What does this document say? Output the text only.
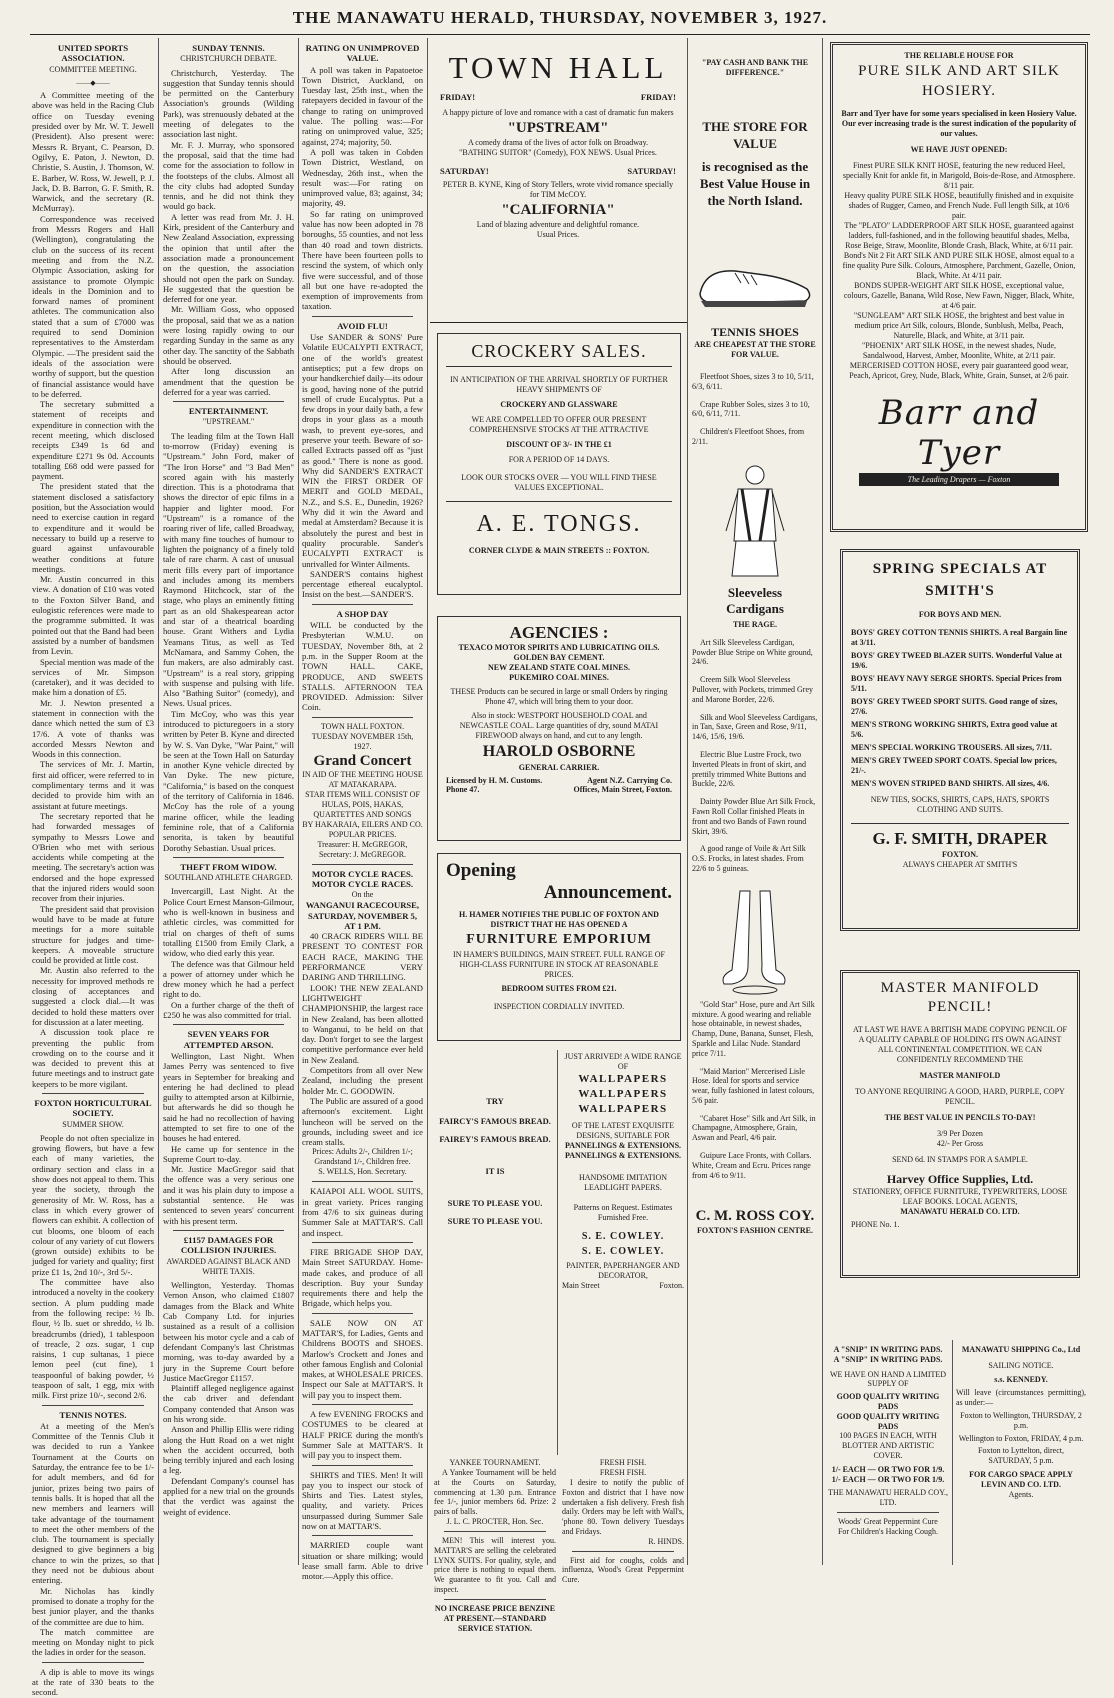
THE MANAWATU HERALD, THURSDAY, NOVEMBER 3, 1927.
UNITED SPORTS ASSOCIATION.
COMMITTEE MEETING.
——◆——

A Committee meeting of the above was held in the Racing Club office on Tuesday evening presided over by Mr. W. T. Jewell (President). Also present were: Messrs R. Bryant, C. Pearson, D. Ogilvy, E. Paton, J. Newton, D. Christie, S. Austin, J. Thomson, W. E. Barber, W. Ross, W. Jewell, P. J. Jack, D. B. Barron, G. F. Smith, R. Warwick, and the secretary (R. McMurray).

Correspondence was received from Messrs Rogers and Hall (Wellington), congratulating the club on the success of its recent meeting and from the N.Z. Olympic Association, asking for assistance to promote Olympic ideals in the Dominion and to forward names of prominent athletes. The communication also stated that a sum of £7000 was required to send Dominion representatives to the Amsterdam Olympic. —The president said the ideals of the association were worthy of support, but the question of financial assistance would have to be deferred.

The secretary submitted a statement of receipts and expenditure in connection with the recent meeting, which disclosed receipts £349 1s 6d and expenditure £271 9s 0d. Accounts totalling £68 odd were passed for payment.

The president stated that the statement disclosed a satisfactory position, but the Association would need to exercise caution in regard to expenditure and it would be necessary to build up a reserve to guard against unfavourable weather conditions at future meetings.

Mr. Austin concurred in this view. A donation of £10 was voted to the Foxton Silver Band, and eulogistic references were made to the programme submitted. It was pointed out that the Band had been assisted by a number of bandsmen from Levin.

Special mention was made of the services of Mr. Simpson (caretaker), and it was decided to make him a donation of £5.

Mr. J. Newton presented a statement in connection with the dance which netted the sum of £3 17/6. A vote of thanks was accorded Messrs Newton and Woods in this connection.

The services of Mr. J. Martin, first aid officer, were referred to in complimentary terms and it was decided to provide him with an assistant at future meetings.

The secretary reported that he had forwarded messages of sympathy to Messrs Lowe and O'Brien who met with serious accidents while competing at the meeting. The secretary's action was endorsed and the hope expressed that the injured riders would soon recover from their injuries.

The president said that provision would have to be made at future meetings for a more suitable structure for judges and time-keepers. A moveable structure could be provided at little cost.

Mr. Austin also referred to the necessity for improved methods re closing of acceptances and suggested a clock dial.—It was decided to hold these matters over for discussion at a later meeting.

A discussion took place re preventing the public from crowding on to the course and it was decided to prevent this at future meetings and to instruct gate keepers to be more vigilant.

FOXTON HORTICULTURAL SOCIETY.
SUMMER SHOW.

People do not often specialize in growing flowers, but have a few each of many varieties, the ordinary section and class in a show does not appeal to them. This year the society, through the generosity of Mr. W. Ross, has a class in which every grower of flowers can exhibit. A collection of cut blooms, one bloom of each colour of any variety of cut flowers (grown outside) exhibits to be judged for variety and quality; first prize £1 1s, 2nd 10/-, 3rd 5/-.

The committee have also introduced a novelty in the cookery section. A plum pudding made from the following recipe: ½ lb. flour, ½ lb. suet or shreddo, ½ lb. breadcrumbs (dried), 1 tablespoon of treacle, 2 ozs. sugar, 1 cup raisins, 1 cup sultanas, 1 piece lemon peel (cut fine), 1 teaspoonful of baking powder, ½ teaspoon of salt, 1 egg, mix with milk. First prize 10/-, second 2/6.

TENNIS NOTES.

At a meeting of the Men's Committee of the Tennis Club it was decided to run a Yankee Tournament at the Courts on Saturday, the entrance fee to be 1/- for adult members, and 6d for junior, prizes being two pairs of tennis balls. It is hoped that all the new members and learners will take advantage of the tournament to meet the other members of the club. The tournament is specially designed to give beginners a big chance to win the prizes, so that they need not be dubious about entering.

Mr. Nicholas has kindly promised to donate a trophy for the best junior player, and the thanks of the committee are due to him.

The match committee are meeting on Monday night to pick the ladies in order for the season.

A dip is able to move its wings at the rate of 330 beats to the second.

SUNDAY TENNIS.
CHRISTCHURCH DEBATE.

Christchurch, Yesterday. The suggestion that Sunday tennis should be permitted on the Canterbury Association's grounds (Wilding Park), was strenuously debated at the meeting of delegates to the association last night.

Mr. F. J. Murray, who sponsored the proposal, said that the time had come for the association to follow in the footsteps of the clubs. Almost all the city clubs had adopted Sunday tennis, and he did not think they would go back.

A letter was read from Mr. J. H. Kirk, president of the Canterbury and New Zealand Association, expressing the opinion that until after the association made a pronouncement on the question, the association should not open the park on Sunday. He suggested that the question be deferred for one year.

Mr. William Goss, who opposed the proposal, said that we as a nation were losing rapidly owing to our regarding Sunday in the same as any other day. The sanctity of the Sabbath should be observed.

After long discussion an amendment that the question be deferred for a year was carried.

ENTERTAINMENT.
"UPSTREAM."

The leading film at the Town Hall to-morrow (Friday) evening is "Upstream." John Ford, maker of "The Iron Horse" and "3 Bad Men" scored again with his masterly direction. This is a photodrama that shows the director of epic films in a happier and lighter mood. For "Upstream" is a romance of the roaring river of life, called Broadway, with many fine touches of humour to lighten the poignancy of a finely told tale of rare charm. A cast of unusual merit fills every part of importance and includes among its members Raymond Hitchcock, star of the stage, who plays an eminently fitting part as an old Shakespearean actor and star of a theatrical boarding house. Grant Withers and Lydia Yeamans Titus, as well as Ted McNamara, and Sammy Cohen, the fun makers, are also admirably cast. "Upstream" is a real story, gripping with suspense and pulsing with life. Also "Bathing Suitor" (comedy), and News. Usual prices.

Tim McCoy, who was this year introduced to picturegoers in a story written by Peter B. Kyne and directed by W. S. Van Dyke, "War Paint," will be seen at the Town Hall on Saturday in another Kyne vehicle directed by Van Dyke. The new picture, "California," is based on the conquest of the territory of California in 1846. McCoy has the role of a young marine officer, while the leading feminine role, that of a California senorita, is taken by beautiful Dorothy Sebastian. Usual prices.

THEFT FROM WIDOW.
SOUTHLAND ATHLETE CHARGED.

Invercargill, Last Night. At the Police Court Ernest Manson-Gilmour, who is well-known in business and athletic circles, was committed for trial on charges of theft of sums totalling £1500 from Emily Clark, a widow, who died early this year.

The defence was that Gilmour held a power of attorney under which he drew money which he had a perfect right to do.

On a further charge of the theft of £250 he was also committed for trial.

SEVEN YEARS FOR ATTEMPTED ARSON.

Wellington, Last Night. When James Perry was sentenced to five years in September for breaking and entering he had declined to plead guilty to attempted arson at Kilbirnie, but afterwards he did so though he said he had no recollection of having attempted to set fire to one of the houses he had entered.

He came up for sentence in the Supreme Court to-day.

Mr. Justice MacGregor said that the offence was a very serious one and it was his plain duty to impose a substantial sentence. He was sentenced to seven years' concurrent with his present term.

£1157 DAMAGES FOR COLLISION INJURIES.
AWARDED AGAINST BLACK AND WHITE TAXIS.

Wellington, Yesterday. Thomas Vernon Anson, who claimed £1807 damages from the Black and White Cab Company Ltd. for injuries sustained as a result of a collision between his motor cycle and a cab of defendant Company's last Christmas morning, was to-day awarded by a jury in the Supreme Court before Justice MacGregor £1157.

Plaintiff alleged negligence against the cab driver and defendant Company contended that Anson was on his wrong side.

Anson and Phillip Ellis were riding along the Hutt Road on a wet night when the accident occurred, both being terribly injured and each losing a leg.

Defendant Company's counsel has applied for a new trial on the grounds that the verdict was against the weight of evidence.

RATING ON UNIMPROVED VALUE.

A poll was taken in Papatoetoe Town District, Auckland, on Tuesday last, 25th inst., when the ratepayers decided in favour of the change to rating on unimproved value. The polling was:—For rating on unimproved value, 325; against, 274; majority, 50.

A poll was taken in Cobden Town District, Westland, on Wednesday, 26th inst., when the result was:—For rating on unimproved value, 83; against, 34; majority, 49.

So far rating on unimproved value has now been adopted in 78 boroughs, 55 counties, and not less than 40 road and town districts. There have been fourteen polls to rescind the system, of which only five were successful, and of those all but one have re-adopted the exemption of improvements from taxation.

AVOID FLU!

Use SANDER & SONS' Pure Volatile EUCALYPTI EXTRACT, one of the world's greatest antiseptics; put a few drops on your handkerchief daily—its odour is good, having none of the putrid smell of crude Eucalyptus. Put a few drops in your daily bath, a few drops in your glass as a mouth wash, to prevent eye-sores, and preserve your teeth. Beware of so-called Extracts passed off as "just as good." There is none as good. Why did SANDER'S EXTRACT WIN the FIRST ORDER OF MERIT and GOLD MEDAL, N.Z., and S.S. E., Dunedin, 1926? Why did it win the Award and medal at Amsterdam? Because it is absolutely the purest and best in quality procurable. Sander's EUCALYPTI EXTRACT is unrivalled for Winter Ailments.

SANDER'S contains highest percentage ethereal eucalyptol. Insist on the best.—SANDER'S.

A SHOP DAY

WILL be conducted by the Presbyterian W.M.U. on TUESDAY, November 8th, at 2 p.m. in the Supper Room at the TOWN HALL. CAKE, PRODUCE, AND SWEETS STALLS. AFTERNOON TEA PROVIDED. Admission: Silver Coin.

TOWN HALL FOXTON.
TUESDAY NOVEMBER 15th, 1927.
Grand Concert
IN AID OF THE MEETING HOUSE AT MATAKARAPA.
STAR ITEMS WILL CONSIST OF HULAS, POIS, HAKAS, QUARTETTES AND SONGS
BY HAKARAIA, EILERS AND CO.
POPULAR PRICES.
Treasurer: H. McGREGOR,
Secretary: J. McGREGOR.
MOTOR CYCLE RACES. MOTOR CYCLE RACES.
On the
WANGANUI RACECOURSE,
SATURDAY, NOVEMBER 5, AT 1 P.M.

40 CRACK RIDERS WILL BE PRESENT TO CONTEST FOR EACH RACE, MAKING THE PERFORMANCE VERY DARING AND THRILLING.

LOOK! THE NEW ZEALAND LIGHTWEIGHT CHAMPIONSHIP, the largest race in New Zealand, has been allotted to Wanganui, to be held on that day. Don't forget to see the largest competitive performance ever held in New Zealand.

Competitors from all over New Zealand, including the present holder Mr. C. GOODWIN.

The Public are assured of a good afternoon's excitement. Light luncheon will be served on the grounds, including sweet and ice cream stalls.

Prices: Adults 2/-, Children 1/-; Grandstand 1/-, Children free.
S. WELLS, Hon. Secretary.

KAIAPOI ALL WOOL SUITS, in great variety. Prices ranging from 47/6 to six guineas during Summer Sale at MATTAR'S. Call and inspect.

FIRE BRIGADE SHOP DAY, Main Street SATURDAY. Home-made cakes, and produce of all description. Buy your Sunday requirements there and help the Brigade, which helps you.

SALE NOW ON AT MATTAR'S, for Ladies, Gents and Childrens BOOTS and SHOES. Marlow's Crockett and Jones and other famous English and Colonial makes, at WHOLESALE PRICES. Inspect our Sale at MATTAR'S. It will pay you to inspect them.

A few EVENING FROCKS and COSTUMES to be cleared at HALF PRICE during the month's Summer Sale at MATTAR'S. It will pay you to inspect them.

SHIRTS and TIES. Men! It will pay you to inspect our stock of Shirts and Ties. Latest styles, quality, and variety. Prices unsurpassed during Summer Sale now on at MATTAR'S.

MARRIED couple want situation or share milking; would lease small farm. Able to drive motor.—Apply this office.

TOWN HALL
FRIDAY!	FRIDAY!
A happy picture of love and romance with a cast of dramatic fun makers
"UPSTREAM"
A comedy drama of the lives of actor folk on Broadway.
"BATHING SUITOR" (Comedy), FOX NEWS. Usual Prices.
SATURDAY!	SATURDAY!
PETER B. KYNE, King of Story Tellers, wrote vivid romance specially for TIM McCOY.
"CALIFORNIA"
Land of blazing adventure and delightful romance.
Usual Prices.
CROCKERY SALES.
IN ANTICIPATION OF THE ARRIVAL SHORTLY OF FURTHER HEAVY SHIPMENTS OF
CROCKERY AND GLASSWARE
WE ARE COMPELLED TO OFFER OUR PRESENT COMPREHENSIVE STOCKS AT THE ATTRACTIVE
DISCOUNT OF 3/- IN THE £1
FOR A PERIOD OF 14 DAYS.
LOOK OUR STOCKS OVER — YOU WILL FIND THESE VALUES EXCEPTIONAL.
A. E. TONGS.
CORNER CLYDE & MAIN STREETS :: FOXTON.
AGENCIES :
TEXACO MOTOR SPIRITS AND LUBRICATING OILS.
GOLDEN BAY CEMENT.
NEW ZEALAND STATE COAL MINES.
PUKEMIRO COAL MINES.
THESE Products can be secured in large or small Orders by ringing Phone 47, which will bring them to your door.
Also in stock: WESTPORT HOUSEHOLD COAL and NEWCASTLE COAL. Large quantities of dry, sound MATAI FIREWOOD always on hand, and cut to any length.
HAROLD OSBORNE
GENERAL CARRIER.
Licensed by H. M. Customs.	Agent N.Z. Carrying Co.
Phone 47.	Offices, Main Street, Foxton.
Opening
Announcement.
H. HAMER NOTIFIES THE PUBLIC OF FOXTON AND DISTRICT THAT HE HAS OPENED A
FURNITURE EMPORIUM
IN HAMER'S BUILDINGS, MAIN STREET. FULL RANGE OF HIGH-CLASS FURNITURE IN STOCK AT REASONABLE PRICES.
BEDROOM SUITES FROM £21.
INSPECTION CORDIALLY INVITED.
TRY
FAIRCY'S FAMOUS BREAD.
FAIREY'S FAMOUS BREAD.
IT IS
SURE TO PLEASE YOU.
SURE TO PLEASE YOU.
JUST ARRIVED! A WIDE RANGE OF
WALLPAPERS
WALLPAPERS
WALLPAPERS
OF THE LATEST EXQUISITE DESIGNS, SUITABLE FOR
PANNELINGS & EXTENSIONS.
PANNELINGS & EXTENSIONS.
HANDSOME IMITATION LEADLIGHT PAPERS.
Patterns on Request. Estimates Furnished Free.
S. E. COWLEY.
S. E. COWLEY.
PAINTER, PAPERHANGER AND DECORATOR,
Main Street	Foxton.
YANKEE TOURNAMENT.

A Yankee Tournament will be held at the Courts on Saturday, commencing at 1.30 p.m. Entrance fee 1/-, junior members 6d. Prize: 2 pairs of balls.

J. L. C. PROCTER, Hon. Sec.

MEN! This will interest you. MATTAR'S are selling the celebrated LYNX SUITS. For quality, style, and price there is nothing to equal them. We guarantee to fit you. Call and inspect.

NO INCREASE PRICE BENZINE AT PRESENT.—STANDARD SERVICE STATION.
FRESH FISH.
FRESH FISH.

I desire to notify the public of Foxton and district that I have now undertaken a fish delivery. Fresh fish daily. Orders may be left with Wall's, 'phone 80. Town delivery Tuesdays and Fridays.

R. HINDS.

First aid for coughs, colds and influenza, Wood's Great Peppermint Cure.

"PAY CASH AND BANK THE DIFFERENCE."
THE STORE FOR VALUE
is recognised as the Best Value House in the North Island.
TENNIS SHOES
ARE CHEAPEST AT THE STORE FOR VALUE.

Fleetfoot Shoes, sizes 3 to 10, 5/11, 6/3, 6/11.

Crape Rubber Soles, sizes 3 to 10, 6/0, 6/11, 7/11.

Children's Fleetfoot Shoes, from 2/11.

Sleeveless
Cardigans
THE RAGE.

Art Silk Sleeveless Cardigan, Powder Blue Stripe on White ground, 24/6.

Creem Silk Wool Sleeveless Pullover, with Pockets, trimmed Grey and Marone Border, 22/6.

Silk and Wool Sleeveless Cardigans, in Tan, Saxe, Green and Rose, 9/11, 14/6, 15/6, 19/6.

Electric Blue Lustre Frock, two Inverted Pleats in front of skirt, and prettily trimmed White Buttons and Buckle, 22/6.

Dainty Powder Blue Art Silk Frock, Fawn Roll Collar finished Pleats in front and two Bands of Fawn round Skirt, 39/6.

A good range of Voile & Art Silk O.S. Frocks, in latest shades. From 22/6 to 5 guineas.

"Gold Star" Hose, pure and Art Silk mixture. A good wearing and reliable hose obtainable, in newest shades, Champ, Dune, Banana, Sunset, Flesh, Sparkle and Lilac Nude. Standard price 7/11.

"Maid Marion" Mercerised Lisle Hose. Ideal for sports and service wear, fully fashioned in latest colours, 5/6 pair.

"Cabaret Hose" Silk and Art Silk, in Champagne, Atmosphere, Grain, Aswan and Pearl, 4/6 pair.

Guipure Lace Fronts, with Collars. White, Cream and Ecru. Prices range from 4/6 to 9/11.

C. M. ROSS COY.
FOXTON'S FASHION CENTRE.
THE RELIABLE HOUSE FOR
PURE SILK AND ART SILK HOSIERY.
Barr and Tyer have for some years specialised in keen Hosiery Value. Our ever increasing trade is the surest indication of the popularity of our values.
WE HAVE JUST OPENED:
Finest PURE SILK KNIT HOSE, featuring the new reduced Heel, specially Knit for ankle fit, in Marigold, Bois-de-Rose, and Atmosphere. 8/11 pair.
Heavy quality PURE SILK HOSE, beautifully finished and in exquisite shades of Rugger, Cameo, and French Nude. Full length Silk, at 10/6 pair.
The "PLATO" LADDERPROOF ART SILK HOSE, guaranteed against ladders, full-fashioned, and in the following beautiful shades, Melba, Rose Beige, Straw, Moonlite, Blonde Crash, Black, White, at 6/11 pair.
Bond's Nit 2 Fit ART SILK AND PURE SILK HOSE, almost equal to a fine quality Pure Silk. Colours, Atmosphere, Parchment, Gazelle, Onion, Black, White. At 4/11 pair.
BONDS SUPER-WEIGHT ART SILK HOSE, exceptional value, colours, Gazelle, Banana, Wild Rose, New Fawn, Nigger, Black, White, at 4/6 pair.
"SUNGLEAM" ART SILK HOSE, the brightest and best value in medium price Art Silk, colours, Blonde, Sunblush, Melba, Peach, Naturelle, Black, and White, at 3/11 pair.
"PHOENIX" ART SILK HOSE, in the newest shades, Nude, Sandalwood, Harvest, Amber, Moonlite, White, at 2/11 pair.
MERCERISED COTTON HOSE, every pair guaranteed good wear, Peach, Apricot, Grey, Nude, Black, White, Grain, Sunset, at 2/6 pair.
Barr and Tyer
The Leading Drapers — Foxton
SPRING SPECIALS AT
SMITH'S
FOR BOYS AND MEN.
BOYS' GREY COTTON TENNIS SHIRTS. A real Bargain line at 3/11.
BOYS' GREY TWEED BLAZER SUITS. Wonderful Value at 19/6.
BOYS' HEAVY NAVY SERGE SHORTS. Special Prices from 5/11.
BOYS' GREY TWEED SPORT SUITS. Good range of sizes, 27/6.
MEN'S STRONG WORKING SHIRTS, Extra good value at 5/6.
MEN'S SPECIAL WORKING TROUSERS. All sizes, 7/11.
MEN'S GREY TWEED SPORT COATS. Special low prices, 21/-.
MEN'S WOVEN STRIPED BAND SHIRTS. All sizes, 4/6.
NEW TIES, SOCKS, SHIRTS, CAPS, HATS, SPORTS CLOTHING AND SUITS.
G. F. SMITH, DRAPER
FOXTON.
ALWAYS CHEAPER AT SMITH'S
MASTER MANIFOLD
PENCIL!
AT LAST WE HAVE A BRITISH MADE COPYING PENCIL OF A QUALITY CAPABLE OF HOLDING ITS OWN AGAINST ALL CONTINENTAL COMPETITION. WE CAN CONFIDENTLY RECOMMEND THE
MASTER MANIFOLD
TO ANYONE REQUIRING A GOOD, HARD, PURPLE, COPY PENCIL.
THE BEST VALUE IN PENCILS TO-DAY!
3/9 Per Dozen
42/- Per Gross
SEND 6d. IN STAMPS FOR A SAMPLE.
Harvey Office Supplies, Ltd.
STATIONERY, OFFICE FURNITURE, TYPEWRITERS, LOOSE LEAF BOOKS. LOCAL AGENTS,
MANAWATU HERALD CO. LTD.
PHONE No. 1.
A "SNIP" IN WRITING PADS.
A "SNIP" IN WRITING PADS.
WE HAVE ON HAND A LIMITED SUPPLY OF
GOOD QUALITY WRITING PADS
GOOD QUALITY WRITING PADS
100 PAGES IN EACH, WITH BLOTTER AND ARTISTIC COVER.
1/- EACH — OR TWO FOR 1/9.
1/- EACH — OR TWO FOR 1/9.
THE MANAWATU HERALD COY., LTD.
Woods' Great Peppermint Cure
For Children's Hacking Cough.
MANAWATU SHIPPING Co., Ltd
SAILING NOTICE.
s.s. KENNEDY.
Will leave (circumstances permitting), as under:—
Foxton to Wellington, THURSDAY, 2 p.m.
Wellington to Foxton, FRIDAY, 4 p.m.
Foxton to Lyttelton, direct, SATURDAY, 5 p.m.
FOR CARGO SPACE APPLY
LEVIN AND CO. LTD.
Agents.
